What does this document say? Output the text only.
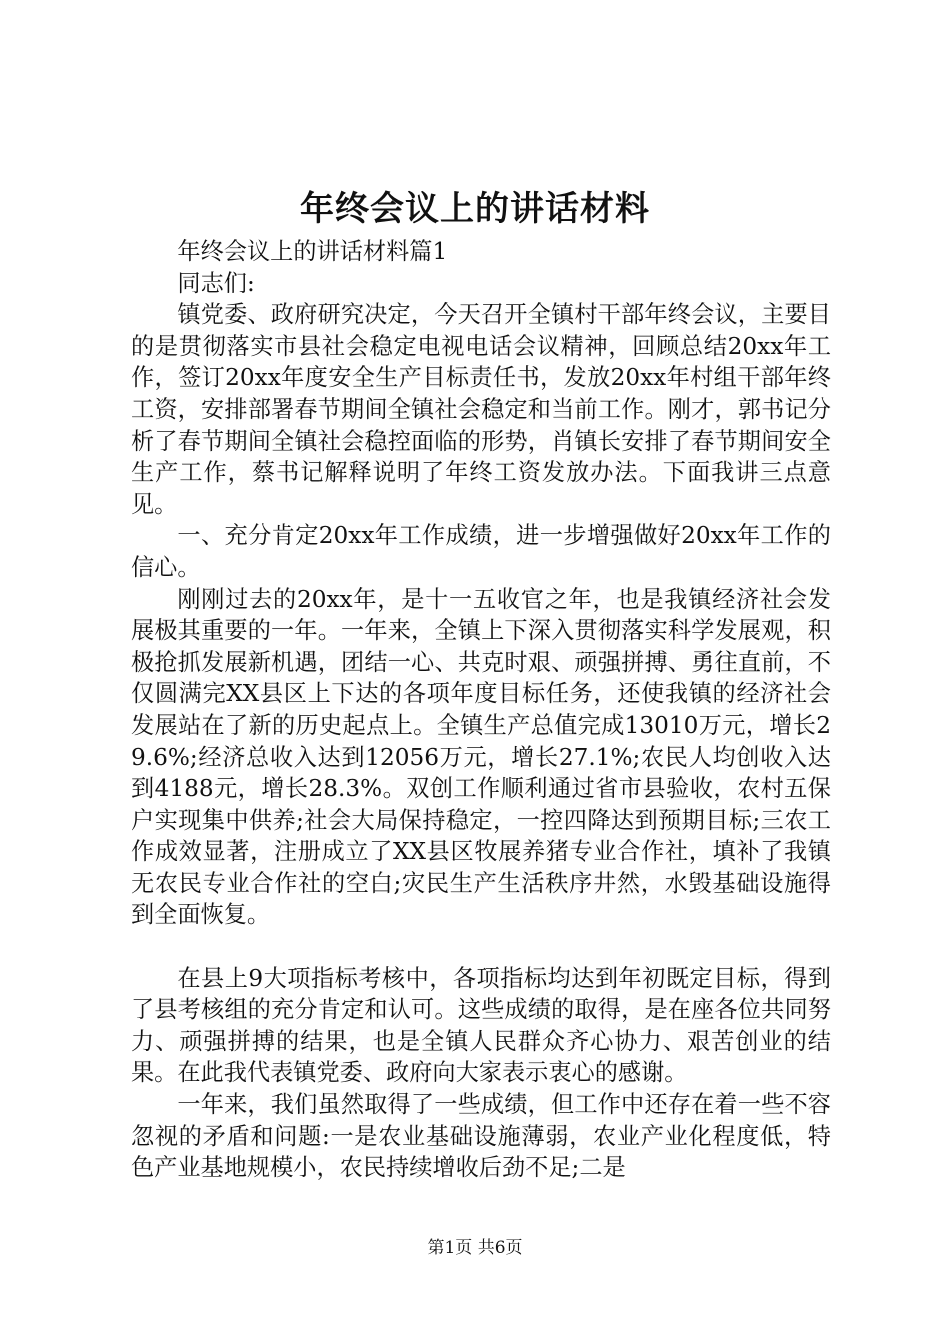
年终会议上的讲话材料

年终会议上的讲话材料篇1

同志们:

镇党委、政府研究决定，今天召开全镇村干部年终会议，主要目的是贯彻落实市县社会稳定电视电话会议精神，回顾总结20xx年工作，签订20xx年度安全生产目标责任书，发放20xx年村组干部年终工资，安排部署春节期间全镇社会稳定和当前工作。刚才，郭书记分析了春节期间全镇社会稳控面临的形势，肖镇长安排了春节期间安全生产工作，蔡书记解释说明了年终工资发放办法。下面我讲三点意见。

一、充分肯定20xx年工作成绩，进一步增强做好20xx年工作的信心。

刚刚过去的20xx年，是十一五收官之年，也是我镇经济社会发展极其重要的一年。一年来，全镇上下深入贯彻落实科学发展观，积极抢抓发展新机遇，团结一心、共克时艰、顽强拼搏、勇往直前，不仅圆满完XX县区上下达的各项年度目标任务，还使我镇的经济社会发展站在了新的历史起点上。全镇生产总值完成13010万元，增长29.6%;经济总收入达到12056万元，增长27.1%;农民人均创收入达到4188元，增长28.3%。双创工作顺利通过省市县验收，农村五保户实现集中供养;社会大局保持稳定，一控四降达到预期目标;三农工作成效显著，注册成立了XX县区牧展养猪专业合作社，填补了我镇无农民专业合作社的空白;灾民生产生活秩序井然，水毁基础设施得到全面恢复。

在县上9大项指标考核中，各项指标均达到年初既定目标，得到了县考核组的充分肯定和认可。这些成绩的取得，是在座各位共同努力、顽强拼搏的结果，也是全镇人民群众齐心协力、艰苦创业的结果。在此我代表镇党委、政府向大家表示衷心的感谢。

一年来，我们虽然取得了一些成绩，但工作中还存在着一些不容忽视的矛盾和问题:一是农业基础设施薄弱，农业产业化程度低，特色产业基地规模小，农民持续增收后劲不足;二是

第1页 共6页
